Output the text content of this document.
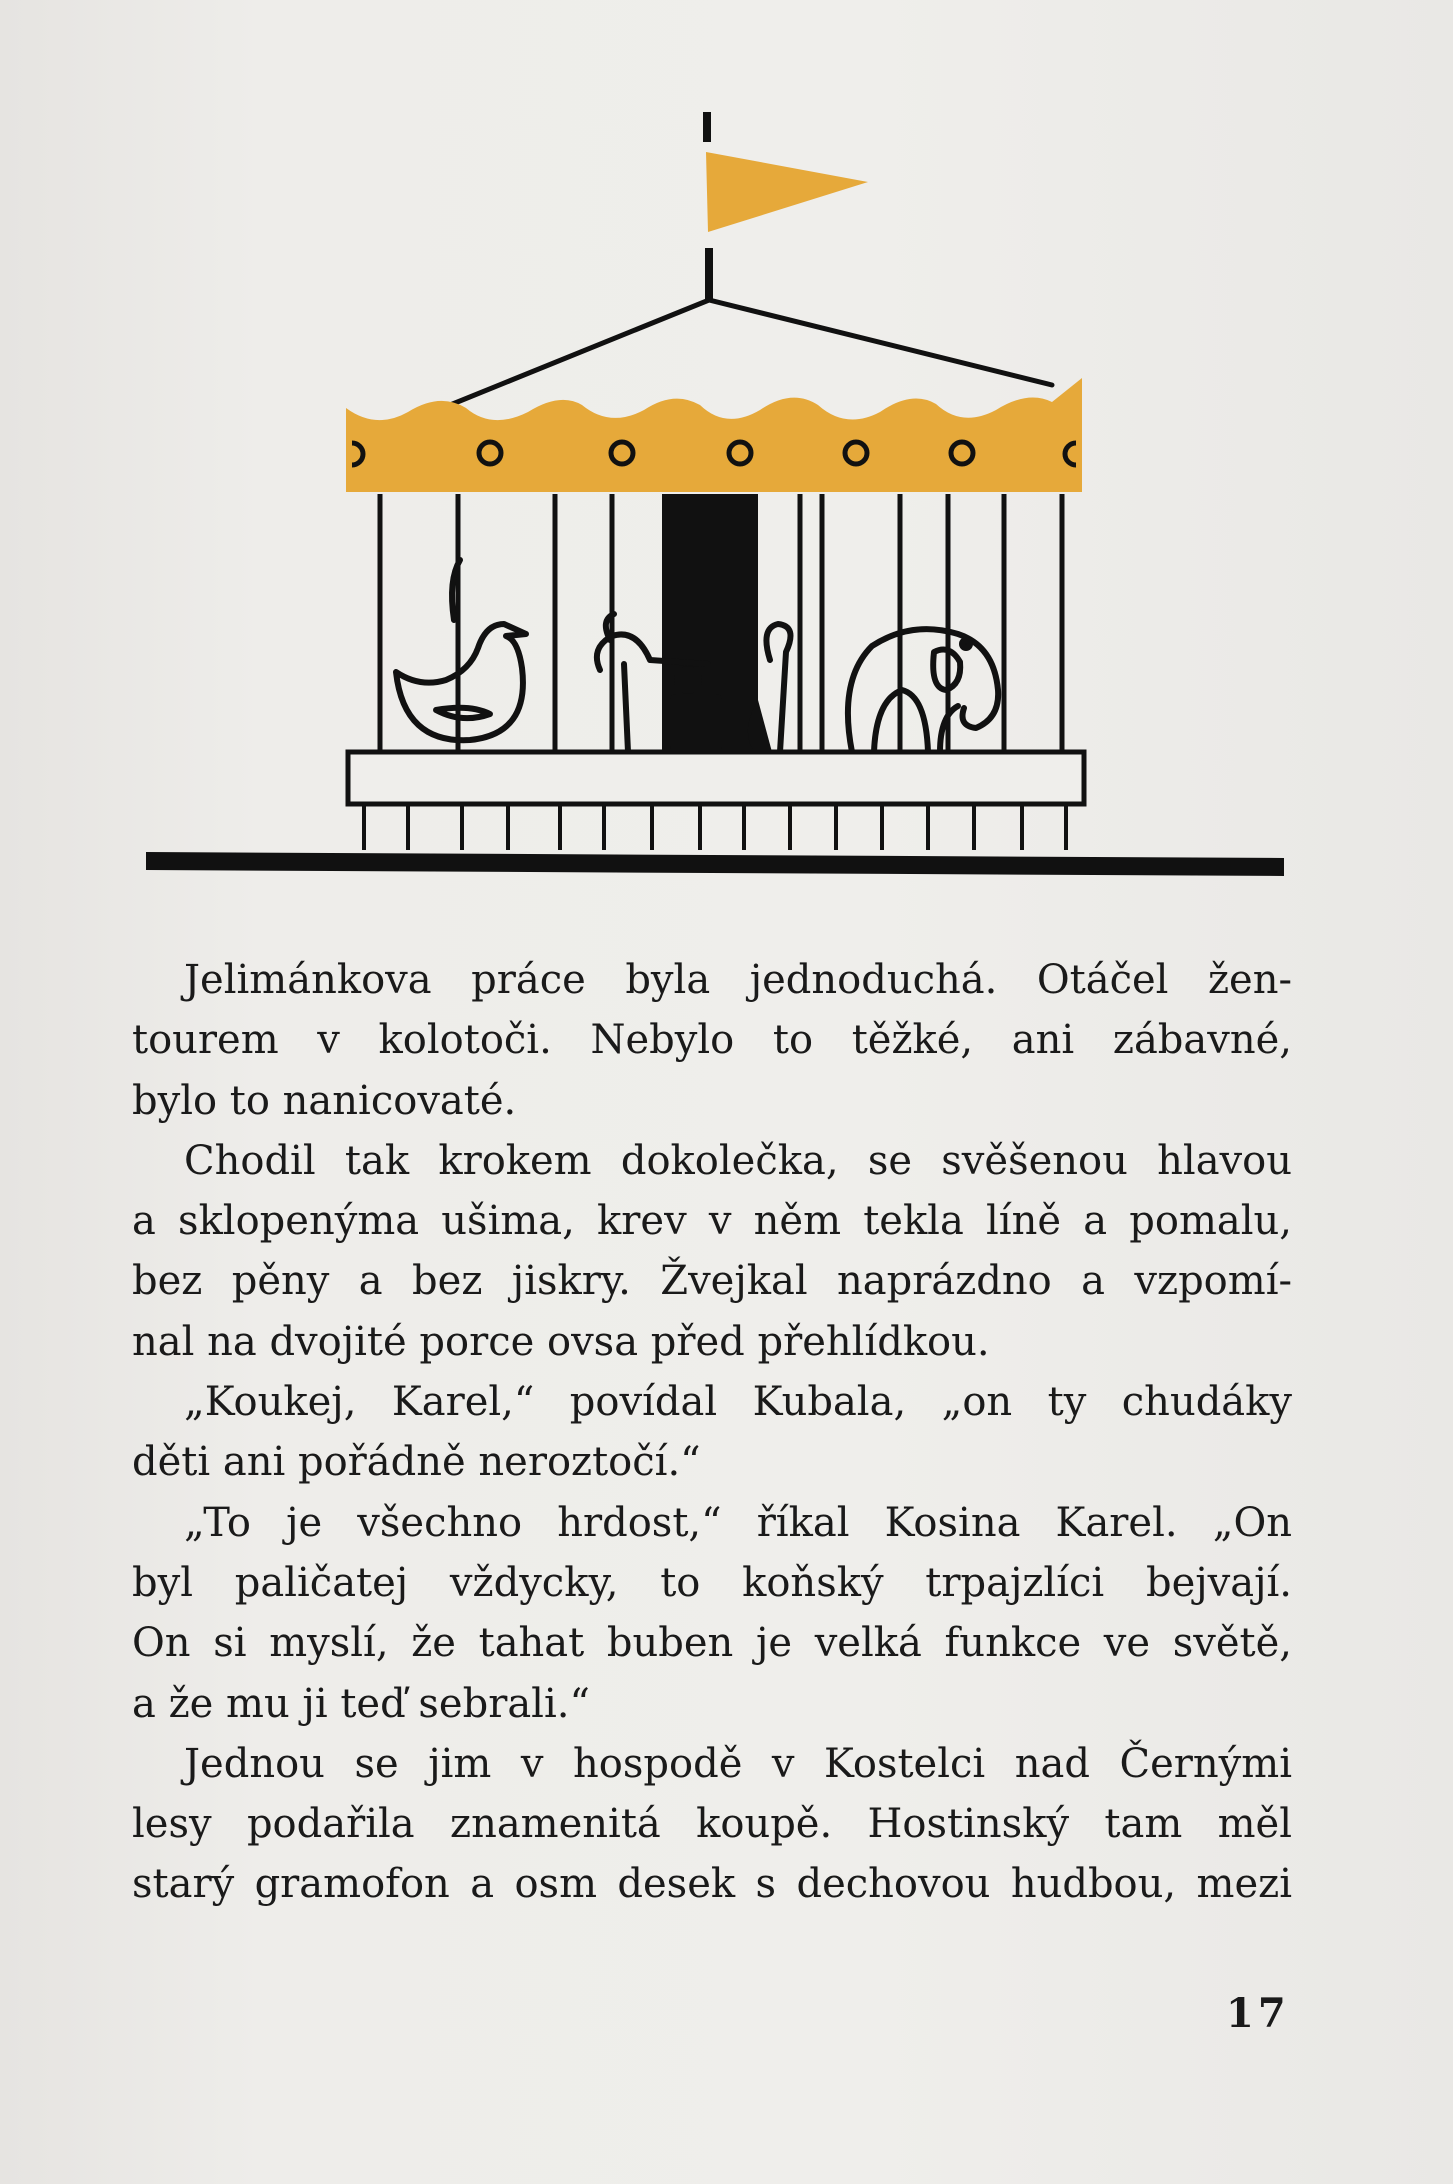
Jelimánkova práce byla jednoduchá. Otáčel žen-
tourem v kolotoči. Nebylo to těžké, ani zábavné,
bylo to nanicovaté.
Chodil tak krokem dokolečka, se svěšenou hlavou
a sklopenýma ušima, krev v něm tekla líně a pomalu,
bez pěny a bez jiskry. Žvejkal naprázdno a vzpomí-
nal na dvojité porce ovsa před přehlídkou.
„Koukej, Karel,“ povídal Kubala, „on ty chudáky
děti ani pořádně neroztočí.“
„To je všechno hrdost,“ říkal Kosina Karel. „On
byl paličatej vždycky, to koňský trpajzlíci bejvají.
On si myslí, že tahat buben je velká funkce ve světě,
a že mu ji teď sebrali.“
Jednou se jim v hospodě v Kostelci nad Černými
lesy podařila znamenitá koupě. Hostinský tam měl
starý gramofon a osm desek s dechovou hudbou, mezi
17
